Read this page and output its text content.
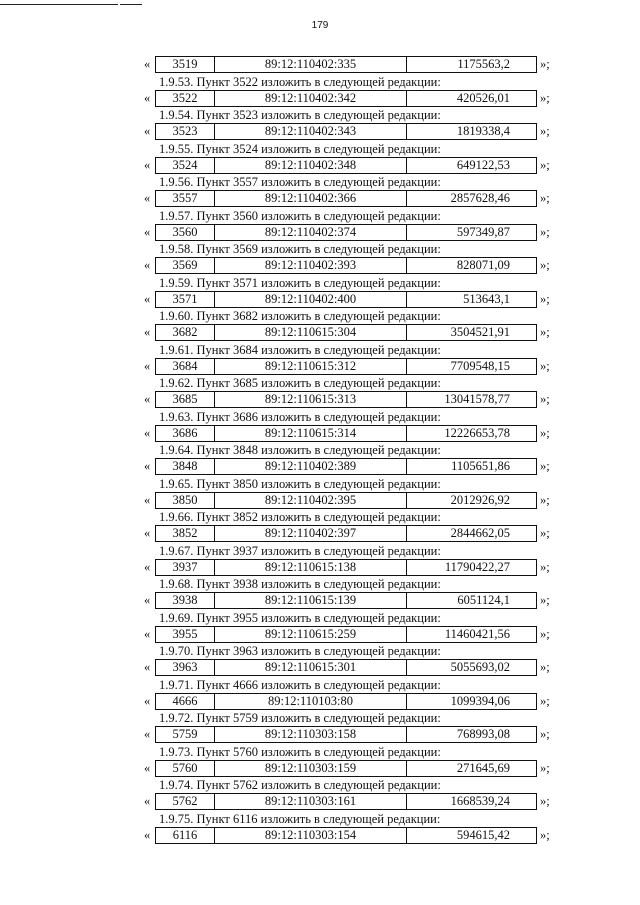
179
«	3519	89:12:110402:335	1175563,2	»;
1.9.53. Пункт 3522 изложить в следующей редакции:
«	3522	89:12:110402:342	420526,01	»;
1.9.54. Пункт 3523 изложить в следующей редакции:
«	3523	89:12:110402:343	1819338,4	»;
1.9.55. Пункт 3524 изложить в следующей редакции:
«	3524	89:12:110402:348	649122,53	»;
1.9.56. Пункт 3557 изложить в следующей редакции:
«	3557	89:12:110402:366	2857628,46	»;
1.9.57. Пункт 3560 изложить в следующей редакции:
«	3560	89:12:110402:374	597349,87	»;
1.9.58. Пункт 3569 изложить в следующей редакции:
«	3569	89:12:110402:393	828071,09	»;
1.9.59. Пункт 3571 изложить в следующей редакции:
«	3571	89:12:110402:400	513643,1	»;
1.9.60. Пункт 3682 изложить в следующей редакции:
«	3682	89:12:110615:304	3504521,91	»;
1.9.61. Пункт 3684 изложить в следующей редакции:
«	3684	89:12:110615:312	7709548,15	»;
1.9.62. Пункт 3685 изложить в следующей редакции:
«	3685	89:12:110615:313	13041578,77	»;
1.9.63. Пункт 3686 изложить в следующей редакции:
«	3686	89:12:110615:314	12226653,78	»;
1.9.64. Пункт 3848 изложить в следующей редакции:
«	3848	89:12:110402:389	1105651,86	»;
1.9.65. Пункт 3850 изложить в следующей редакции:
«	3850	89:12:110402:395	2012926,92	»;
1.9.66. Пункт 3852 изложить в следующей редакции:
«	3852	89:12:110402:397	2844662,05	»;
1.9.67. Пункт 3937 изложить в следующей редакции:
«	3937	89:12:110615:138	11790422,27	»;
1.9.68. Пункт 3938 изложить в следующей редакции:
«	3938	89:12:110615:139	6051124,1	»;
1.9.69. Пункт 3955 изложить в следующей редакции:
«	3955	89:12:110615:259	11460421,56	»;
1.9.70. Пункт 3963 изложить в следующей редакции:
«	3963	89:12:110615:301	5055693,02	»;
1.9.71. Пункт 4666 изложить в следующей редакции:
«	4666	89:12:110103:80	1099394,06	»;
1.9.72. Пункт 5759 изложить в следующей редакции:
«	5759	89:12:110303:158	768993,08	»;
1.9.73. Пункт 5760 изложить в следующей редакции:
«	5760	89:12:110303:159	271645,69	»;
1.9.74. Пункт 5762 изложить в следующей редакции:
«	5762	89:12:110303:161	1668539,24	»;
1.9.75. Пункт 6116 изложить в следующей редакции:
«	6116	89:12:110303:154	594615,42	»;
